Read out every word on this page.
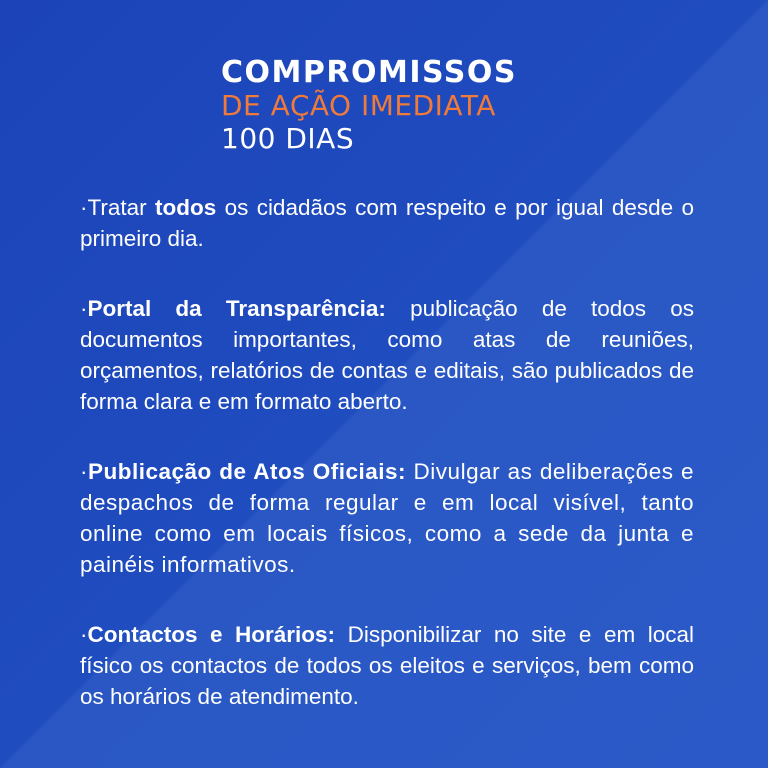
COMPROMISSOS
DE AÇÃO IMEDIATA
100 DIAS

·Tratar todos os cidadãos com respeito e por igual desde o primeiro dia.

·Portal da Transparência: publicação de todos os documentos importantes, como atas de reuniões, orçamentos, relatórios de contas e editais, são publicados de forma clara e em formato aberto.

·Publicação de Atos Oficiais: Divulgar as deliberações e despachos de forma regular e em local visível, tanto online como em locais físicos, como a sede da junta e painéis informativos.

·Contactos e Horários: Disponibilizar no site e em local físico os contactos de todos os eleitos e serviços, bem como os horários de atendimento.
